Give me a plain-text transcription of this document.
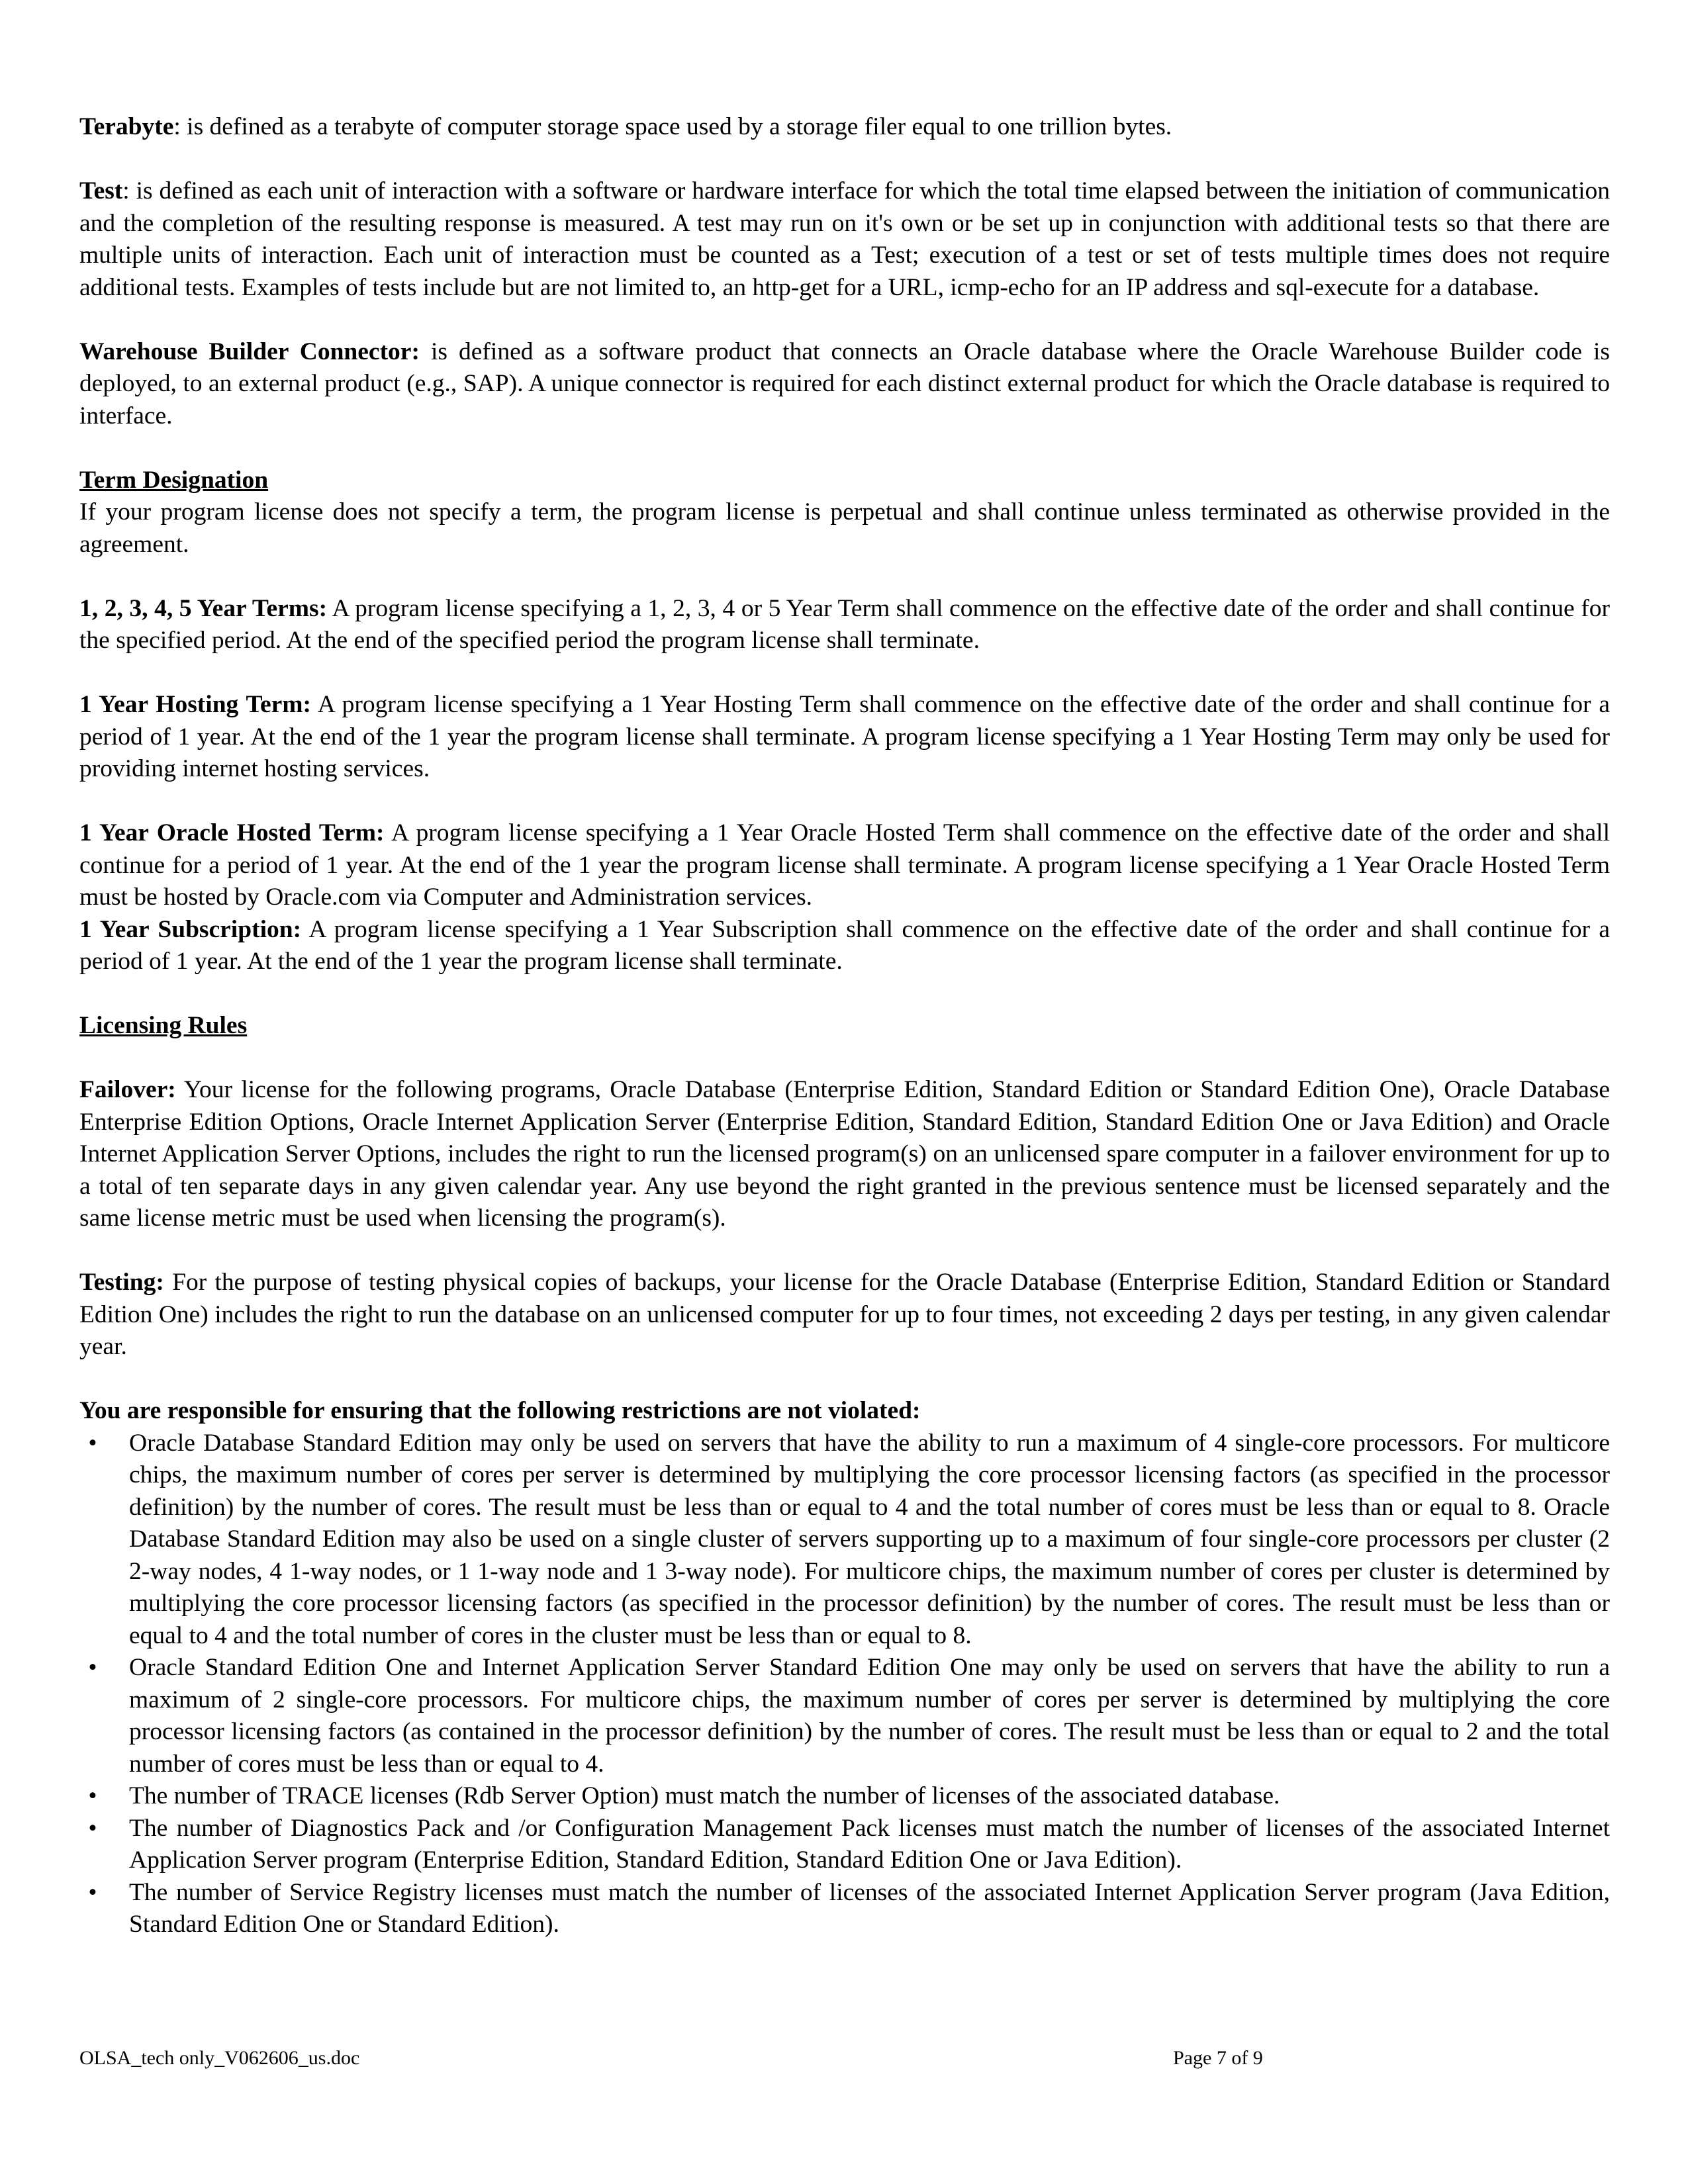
Terabyte: is defined as a terabyte of computer storage space used by a storage filer equal to one trillion bytes.

Test: is defined as each unit of interaction with a software or hardware interface for which the total time elapsed between the initiation of communication and the completion of the resulting response is measured. A test may run on it's own or be set up in conjunction with additional tests so that there are multiple units of interaction. Each unit of interaction must be counted as a Test; execution of a test or set of tests multiple times does not require additional tests. Examples of tests include but are not limited to, an http-get for a URL, icmp-echo for an IP address and sql-execute for a database.

Warehouse Builder Connector: is defined as a software product that connects an Oracle database where the Oracle Warehouse Builder code is deployed, to an external product (e.g., SAP). A unique connector is required for each distinct external product for which the Oracle database is required to interface.

Term Designation

If your program license does not specify a term, the program license is perpetual and shall continue unless terminated as otherwise provided in the agreement.

1, 2, 3, 4, 5 Year Terms: A program license specifying a 1, 2, 3, 4 or 5 Year Term shall commence on the effective date of the order and shall continue for the specified period. At the end of the specified period the program license shall terminate.

1 Year Hosting Term: A program license specifying a 1 Year Hosting Term shall commence on the effective date of the order and shall continue for a period of 1 year. At the end of the 1 year the program license shall terminate. A program license specifying a 1 Year Hosting Term may only be used for providing internet hosting services.

1 Year Oracle Hosted Term: A program license specifying a 1 Year Oracle Hosted Term shall commence on the effective date of the order and shall continue for a period of 1 year. At the end of the 1 year the program license shall terminate. A program license specifying a 1 Year Oracle Hosted Term must be hosted by Oracle.com via Computer and Administration services.

1 Year Subscription: A program license specifying a 1 Year Subscription shall commence on the effective date of the order and shall continue for a period of 1 year. At the end of the 1 year the program license shall terminate.

Licensing Rules

Failover: Your license for the following programs, Oracle Database (Enterprise Edition, Standard Edition or Standard Edition One), Oracle Database Enterprise Edition Options, Oracle Internet Application Server (Enterprise Edition, Standard Edition, Standard Edition One or Java Edition) and Oracle Internet Application Server Options, includes the right to run the licensed program(s) on an unlicensed spare computer in a failover environment for up to a total of ten separate days in any given calendar year. Any use beyond the right granted in the previous sentence must be licensed separately and the same license metric must be used when licensing the program(s).

Testing: For the purpose of testing physical copies of backups, your license for the Oracle Database (Enterprise Edition, Standard Edition or Standard Edition One) includes the right to run the database on an unlicensed computer for up to four times, not exceeding 2 days per testing, in any given calendar year.

You are responsible for ensuring that the following restrictions are not violated:

•	Oracle Database Standard Edition may only be used on servers that have the ability to run a maximum of 4 single-core processors. For multicore chips, the maximum number of cores per server is determined by multiplying the core processor licensing factors (as specified in the processor definition) by the number of cores. The result must be less than or equal to 4 and the total number of cores must be less than or equal to 8. Oracle Database Standard Edition may also be used on a single cluster of servers supporting up to a maximum of four single-core processors per cluster (2 2-way nodes, 4 1-way nodes, or 1 1-way node and 1 3-way node). For multicore chips, the maximum number of cores per cluster is determined by multiplying the core processor licensing factors (as specified in the processor definition) by the number of cores. The result must be less than or equal to 4 and the total number of cores in the cluster must be less than or equal to 8.
•	Oracle Standard Edition One and Internet Application Server Standard Edition One may only be used on servers that have the ability to run a maximum of 2 single-core processors. For multicore chips, the maximum number of cores per server is determined by multiplying the core processor licensing factors (as contained in the processor definition) by the number of cores. The result must be less than or equal to 2 and the total number of cores must be less than or equal to 4.
•	The number of TRACE licenses (Rdb Server Option) must match the number of licenses of the associated database.
•	The number of Diagnostics Pack and /or Configuration Management Pack licenses must match the number of licenses of the associated Internet Application Server program (Enterprise Edition, Standard Edition, Standard Edition One or Java Edition).
•	The number of Service Registry licenses must match the number of licenses of the associated Internet Application Server program (Java Edition, Standard Edition One or Standard Edition).
OLSA_tech only_V062606_us.doc	Page 7 of 9
